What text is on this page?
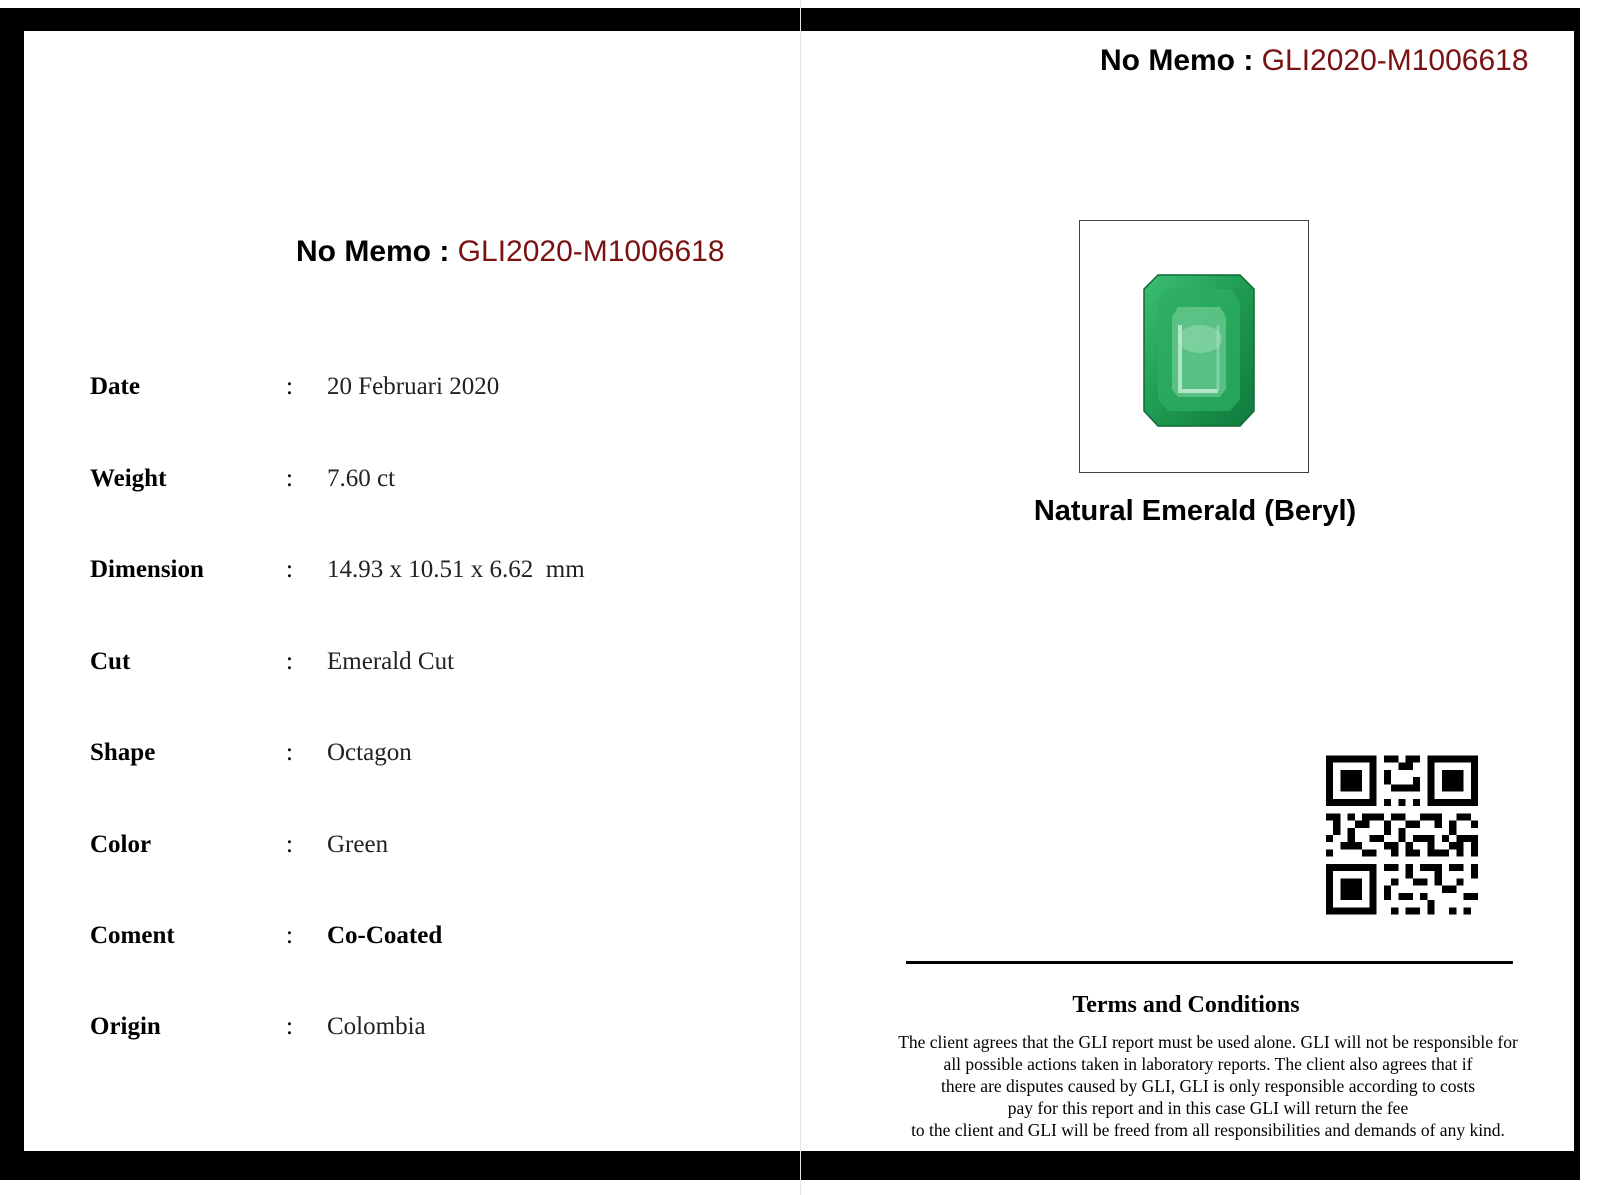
No Memo : GLI2020-M1006618
No Memo : GLI2020-M1006618
Date	: 20 Februari 2020
Weight	: 7.60 ct
Dimension	: 14.93 x 10.51 x 6.62  mm
Cut	: Emerald Cut
Shape	: Octagon
Color	: Green
Coment	: Co-Coated
Origin	: Colombia
Natural Emerald (Beryl)
Terms and Conditions
The client agrees that the GLI report must be used alone. GLI will not be responsible for
all possible actions taken in laboratory reports. The client also agrees that if
there are disputes caused by GLI, GLI is only responsible according to costs
pay for this report and in this case GLI will return the fee
to the client and GLI will be freed from all responsibilities and demands of any kind.
